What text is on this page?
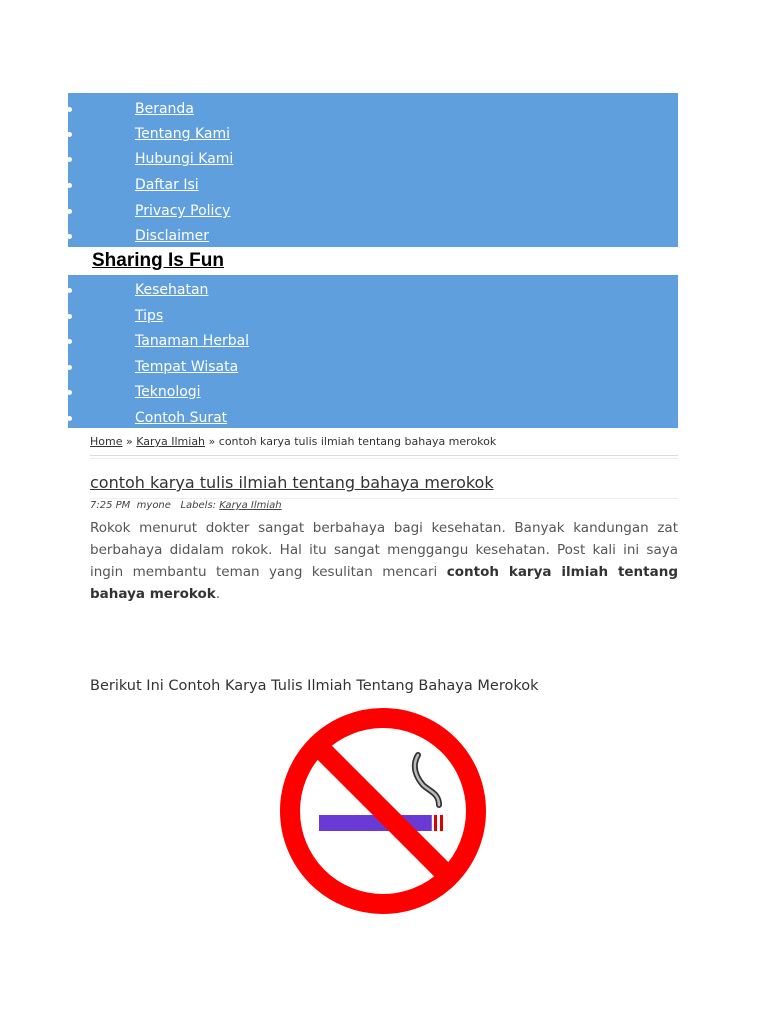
Beranda
Tentang Kami
Hubungi Kami
Daftar Isi
Privacy Policy
Disclaimer
Sharing Is Fun
Kesehatan
Tips
Tanaman Herbal
Tempat Wisata
Teknologi
Contoh Surat
Home » Karya Ilmiah » contoh karya tulis ilmiah tentang bahaya merokok
contoh karya tulis ilmiah tentang bahaya merokok
7:25 PM myone Labels: Karya Ilmiah

Rokok menurut dokter sangat berbahaya bagi kesehatan. Banyak kandungan zat berbahaya didalam rokok. Hal itu sangat menggangu kesehatan. Post kali ini saya ingin membantu teman yang kesulitan mencari contoh karya ilmiah tentang bahaya merokok.

Berikut Ini Contoh Karya Tulis Ilmiah Tentang Bahaya Merokok
